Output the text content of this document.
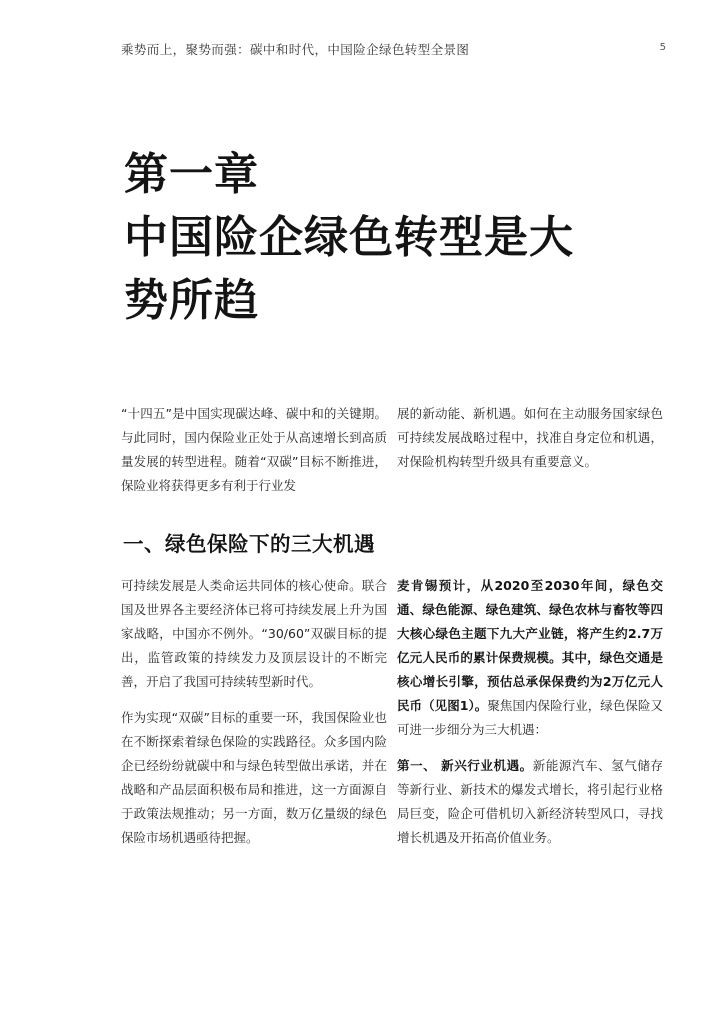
乘势而上，聚势而强：碳中和时代，中国险企绿色转型全景图	5
第一章
中国险企绿色转型是大
势所趋

“十四五”是中国实现碳达峰、碳中和的关键期。与此同时，国内保险业正处于从高速增长到高质量发展的转型进程。随着“双碳”目标不断推进，保险业将获得更多有利于行业发

展的新动能、新机遇。如何在主动服务国家绿色可持续发展战略过程中，找准自身定位和机遇，对保险机构转型升级具有重要意义。

一、绿色保险下的三大机遇

可持续发展是人类命运共同体的核心使命。联合国及世界各主要经济体已将可持续发展上升为国家战略，中国亦不例外。“30/60”双碳目标的提出，监管政策的持续发力及顶层设计的不断完善，开启了我国可持续转型新时代。

作为实现“双碳”目标的重要一环，我国保险业也在不断探索着绿色保险的实践路径。众多国内险企已经纷纷就碳中和与绿色转型做出承诺，并在战略和产品层面积极布局和推进，这一方面源自于政策法规推动；另一方面，数万亿量级的绿色保险市场机遇亟待把握。

麦肯锡预计，从2020至2030年间，绿色交通、绿色能源、绿色建筑、绿色农林与畜牧等四大核心绿色主题下九大产业链，将产生约2.7万亿元人民币的累计保费规模。其中，绿色交通是核心增长引擎，预估总承保保费约为2万亿元人民币（见图1）。聚焦国内保险行业，绿色保险又可进一步细分为三大机遇：

第一、 新兴行业机遇。新能源汽车、氢气储存等新行业、新技术的爆发式增长，将引起行业格局巨变，险企可借机切入新经济转型风口，寻找增长机遇及开拓高价值业务。
